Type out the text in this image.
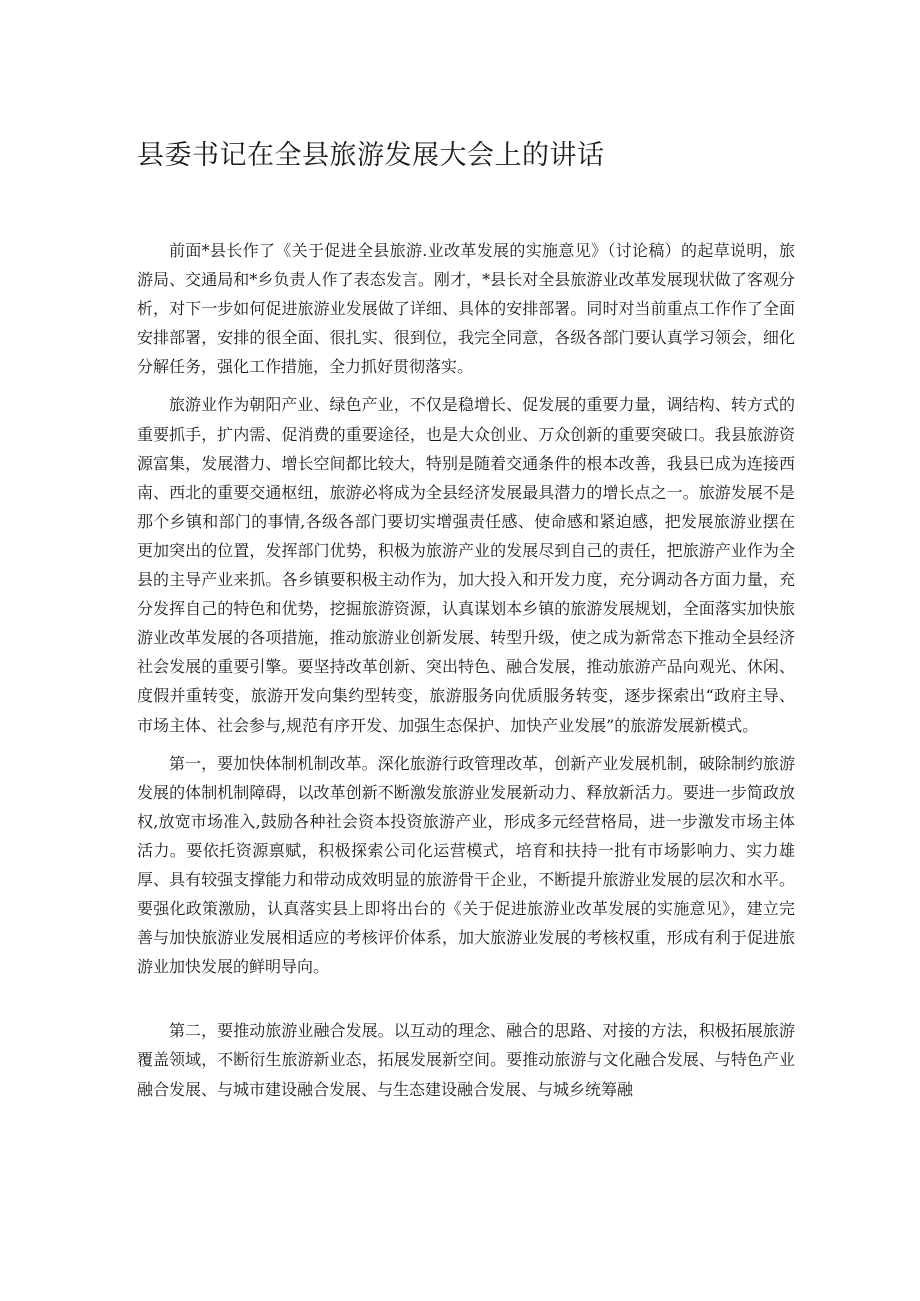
县委书记在全县旅游发展大会上的讲话

前面*县长作了《关于促进全县旅游.业改革发展的实施意见》（讨论稿）的起草说明，旅游局、交通局和*乡负责人作了表态发言。刚才，*县长对全县旅游业改革发展现状做了客观分析，对下一步如何促进旅游业发展做了详细、具体的安排部署。同时对当前重点工作作了全面安排部署，安排的很全面、很扎实、很到位，我完全同意，各级各部门要认真学习领会，细化分解任务，强化工作措施，全力抓好贯彻落实。

旅游业作为朝阳产业、绿色产业，不仅是稳增长、促发展的重要力量，调结构、转方式的重要抓手，扩内需、促消费的重要途径，也是大众创业、万众创新的重要突破口。我县旅游资源富集，发展潜力、增长空间都比较大，特别是随着交通条件的根本改善，我县已成为连接西南、西北的重要交通枢纽，旅游必将成为全县经济发展最具潜力的增长点之一。旅游发展不是那个乡镇和部门的事情,各级各部门要切实增强责任感、使命感和紧迫感，把发展旅游业摆在更加突出的位置，发挥部门优势，积极为旅游产业的发展尽到自己的责任，把旅游产业作为全县的主导产业来抓。各乡镇要积极主动作为，加大投入和开发力度，充分调动各方面力量，充分发挥自己的特色和优势，挖掘旅游资源，认真谋划本乡镇的旅游发展规划，全面落实加快旅游业改革发展的各项措施，推动旅游业创新发展、转型升级，使之成为新常态下推动全县经济社会发展的重要引擎。要坚持改革创新、突出特色、融合发展，推动旅游产品向观光、休闲、度假并重转变，旅游开发向集约型转变，旅游服务向优质服务转变，逐步探索出“政府主导、市场主体、社会参与,规范有序开发、加强生态保护、加快产业发展”的旅游发展新模式。

第一，要加快体制机制改革。深化旅游行政管理改革，创新产业发展机制，破除制约旅游发展的体制机制障碍，以改革创新不断激发旅游业发展新动力、释放新活力。要进一步简政放权,放宽市场准入,鼓励各种社会资本投资旅游产业，形成多元经营格局，进一步激发市场主体活力。要依托资源禀赋，积极探索公司化运营模式，培育和扶持一批有市场影响力、实力雄厚、具有较强支撑能力和带动成效明显的旅游骨干企业，不断提升旅游业发展的层次和水平。要强化政策激励，认真落实县上即将出台的《关于促进旅游业改革发展的实施意见》，建立完善与加快旅游业发展相适应的考核评价体系，加大旅游业发展的考核权重，形成有利于促进旅游业加快发展的鲜明导向。

第二，要推动旅游业融合发展。以互动的理念、融合的思路、对接的方法，积极拓展旅游覆盖领域，不断衍生旅游新业态，拓展发展新空间。要推动旅游与文化融合发展、与特色产业融合发展、与城市建设融合发展、与生态建设融合发展、与城乡统筹融
